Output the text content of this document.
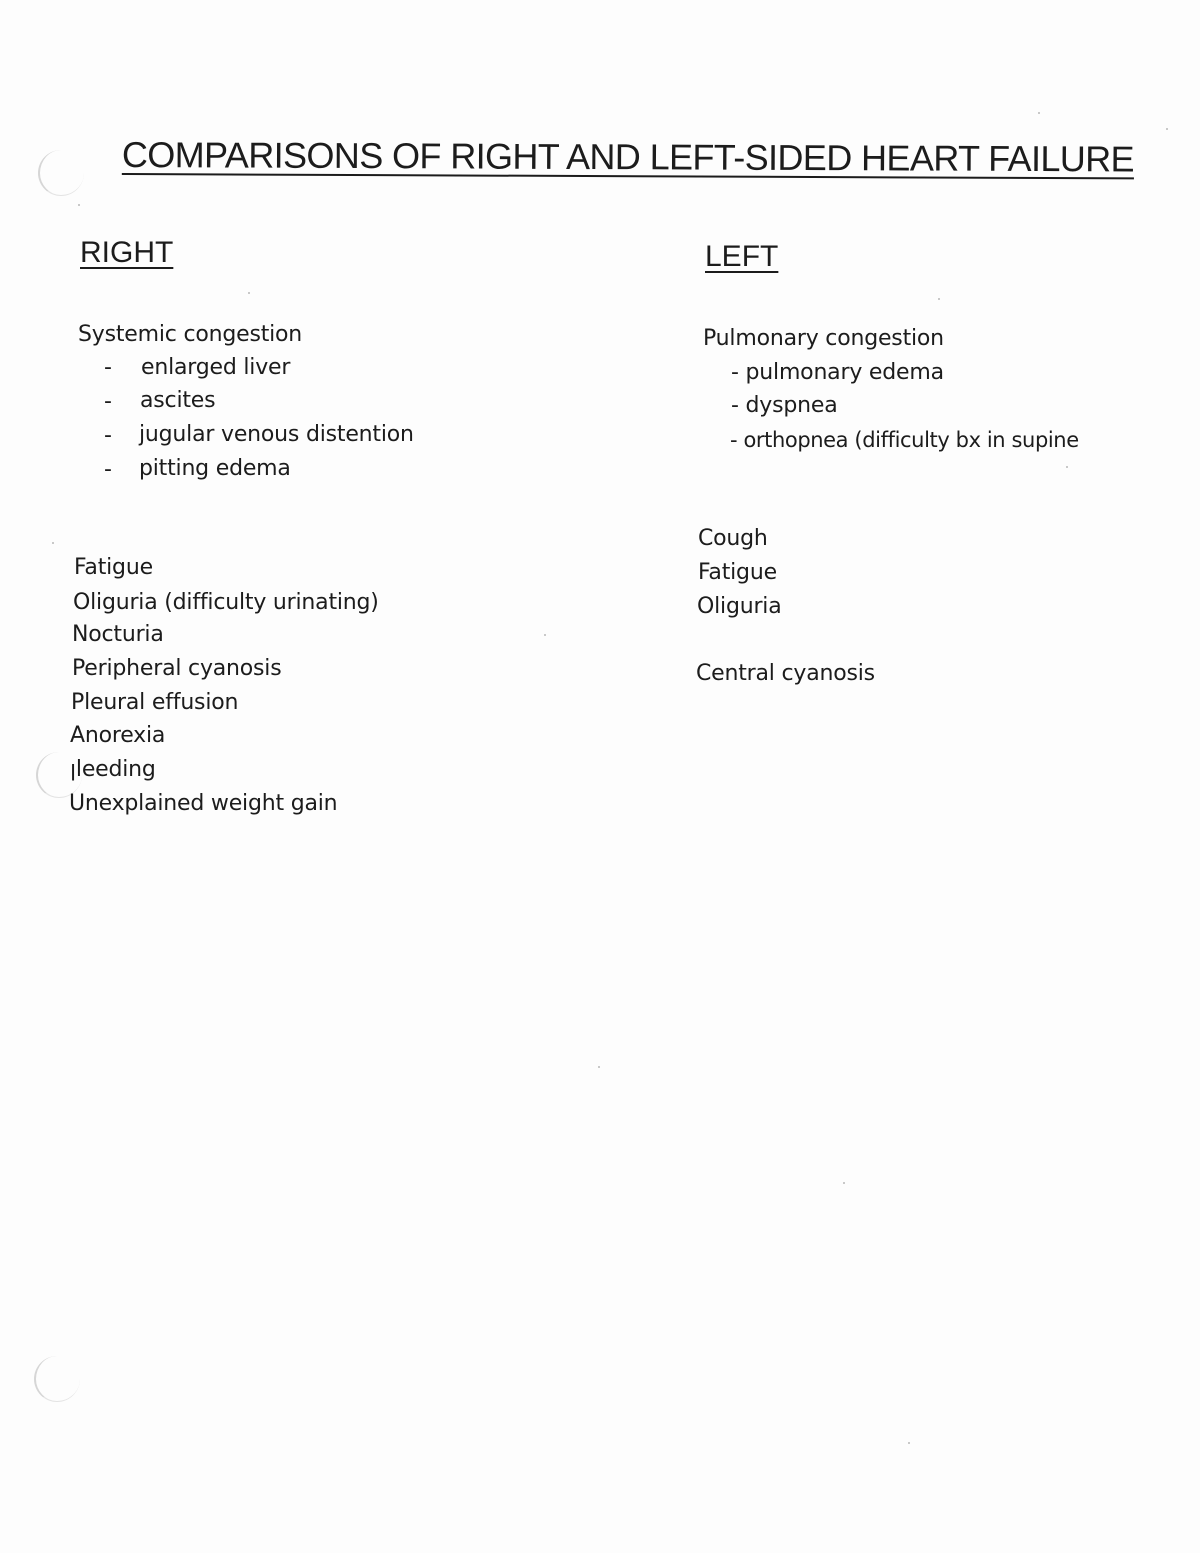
COMPARISONS OF RIGHT AND LEFT-SIDED HEART FAILURE
RIGHT
Systemic congestion
- enlarged liver
- ascites
- jugular venous distention
- pitting edema
Fatigue
Oliguria (difficulty urinating)
Nocturia
Peripheral cyanosis
Pleural effusion
Anorexia
ꞁleeding
Unexplained weight gain
LEFT
Pulmonary congestion
- pulmonary edema
- dyspnea
- orthopnea (difficulty bx in supine
Cough
Fatigue
Oliguria
Central cyanosis
